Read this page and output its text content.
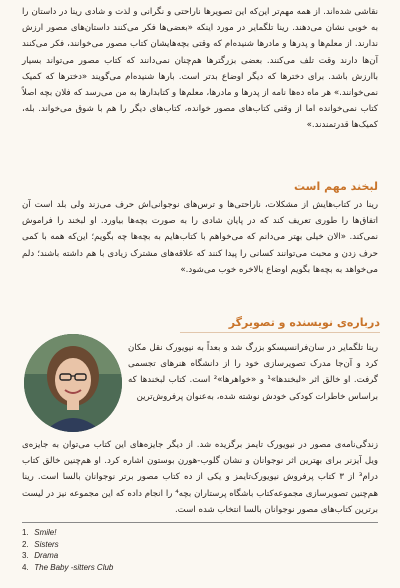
نقاشی شده‌اند. از همه مهم‌تر این‌که این تصویرها ناراحتی و نگرانی و لذت و شادی رینا در داستان را به خوبی نشان می‌دهند. رینا تلگمایر در مورد اینکه «بعضی‌ها فکر می‌کنند داستان‌های مصور ارزش ندارند. از معلم‌ها و پدرها و مادرها شنیده‌ام که وقتی بچه‌هایشان کتاب مصور می‌خوانند، فکر می‌کنند آن‌ها دارند وقت تلف می‌کنند. بعضی بزرگترها هم‌چنان نمی‌دانند که کتاب مصور می‌تواند بسیار باارزش باشد. برای دخترها که دیگر اوضاع بدتر است. بارها شنیده‌ام می‌گویند «دخترها که کمیک نمی‌خوانند.» هر ماه ده‌ها نامه از پدرها و مادرها، معلم‌ها و کتابدارها به من می‌رسد که فلان بچه اصلاً کتاب نمی‌خوانده اما از وقتی کتاب‌های مصور خوانده، کتاب‌های دیگر را هم با شوق می‌خواند. بله، کمیک‌ها قدرتمندند.»

لبخند مهم است

رینا در کتاب‌هایش از مشکلات، ناراحتی‌ها و ترس‌های نوجوانی‌اش حرف می‌زند ولی بلد است آن اتفاق‌ها را طوری تعریف کند که در پایان شادی را به صورت بچه‌ها بیاورد. او لبخند را فراموش نمی‌کند. «الان خیلی بهتر می‌دانم که می‌خواهم با کتاب‌هایم به بچه‌ها چه بگویم؛ این‌که همه با کمی حرف زدن و محبت می‌توانند کسانی را پیدا کنند که علاقه‌های مشترک زیادی با هم داشته باشند؛ دلم می‌خواهد به بچه‌ها بگویم اوضاع بالاخره خوب می‌شود.»

درباره‌ی نویسنده و تصویرگر

رینا تلگمایر در سان‌فرانسیسکو بزرگ شد و بعداً به نیویورک نقل مکان کرد و آن‌جا مدرک تصویرسازی خود را از دانشگاه هنرهای تجسمی گرفت. او خالق اثر «لبخندها»¹ و «خواهرها»² است. کتاب لبخندها که براساس خاطرات کودکی خودش نوشته شده، به‌عنوان پرفروش‌ترین

زندگی‌نامه‌ی مصور در نیویورک تایمز برگزیده شد. از دیگر جایزه‌های این کتاب می‌توان به جایزه‌ی ویل آیزنر برای بهترین اثر نوجوانان و نشان گلوب-هورن بوستون اشاره کرد. او هم‌چنین خالق کتاب درام³ از ۳ کتاب پرفروش نیویورک‌تایمز و یکی از ده کتاب مصور برتر نوجوانان بالسا است. رینا هم‌چنین تصویرسازی مجموعه‌کتاب باشگاه پرستاران بچه⁴ را انجام داده که این مجموعه نیز در لیست برترین کتاب‌های مصور نوجوانان بالسا انتخاب شده است.

1. Smile!
2. Sisters
3. Drama
4. The Baby -sitters Club
